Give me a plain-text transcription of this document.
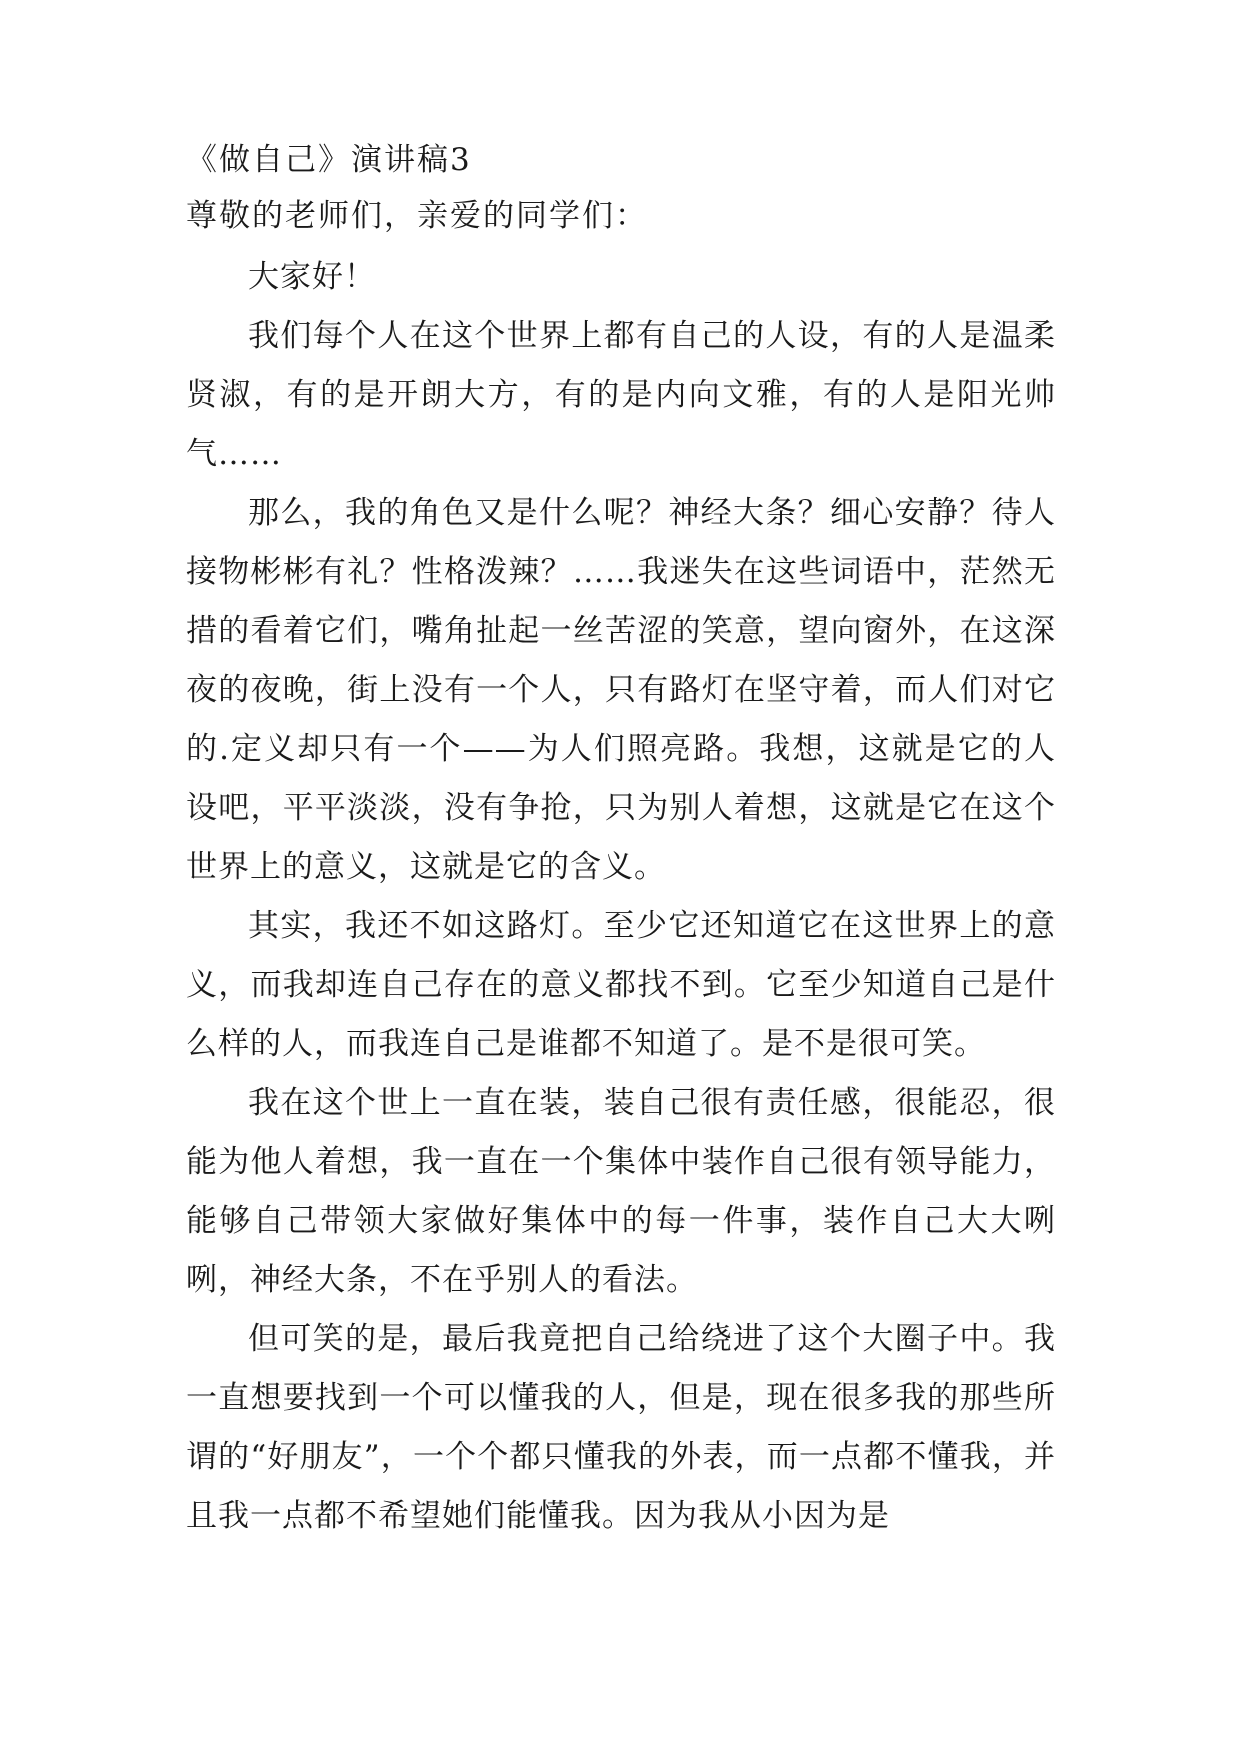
《做自己》演讲稿3
尊敬的老师们，亲爱的同学们：

大家好！

我们每个人在这个世界上都有自己的人设，有的人是温柔贤淑，有的是开朗大方，有的是内向文雅，有的人是阳光帅气……

那么，我的角色又是什么呢？神经大条？细心安静？待人接物彬彬有礼？性格泼辣？……我迷失在这些词语中，茫然无措的看着它们，嘴角扯起一丝苦涩的笑意，望向窗外，在这深夜的夜晚，街上没有一个人，只有路灯在坚守着，而人们对它的.定义却只有一个——为人们照亮路。我想，这就是它的人设吧，平平淡淡，没有争抢，只为别人着想，这就是它在这个世界上的意义，这就是它的含义。

其实，我还不如这路灯。至少它还知道它在这世界上的意义，而我却连自己存在的意义都找不到。它至少知道自己是什么样的人，而我连自己是谁都不知道了。是不是很可笑。

我在这个世上一直在装，装自己很有责任感，很能忍，很能为他人着想，我一直在一个集体中装作自己很有领导能力，能够自己带领大家做好集体中的每一件事，装作自己大大咧咧，神经大条，不在乎别人的看法。

但可笑的是，最后我竟把自己给绕进了这个大圈子中。我一直想要找到一个可以懂我的人，但是，现在很多我的那些所谓的“好朋友”，一个个都只懂我的外表，而一点都不懂我，并且我一点都不希望她们能懂我。因为我从小因为是
